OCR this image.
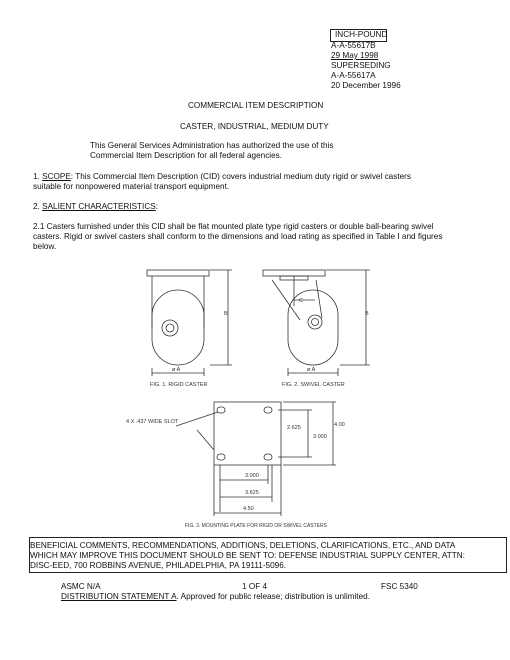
INCH-POUND
A-A-55617B
29 May 1998
SUPERSEDING
A-A-55617A
20 December 1996
COMMERCIAL ITEM DESCRIPTION
CASTER, INDUSTRIAL, MEDIUM DUTY
This General Services Administration has authorized the use of this
Commercial Item Description for all federal agencies.
1. SCOPE: This Commercial Item Description (CID) covers industrial medium duty rigid or swivel casters
suitable for nonpowered material transport equipment.
2. SALIENT CHARACTERISTICS:
2.1 Casters furnished under this CID shall be flat mounted plate type rigid casters or double ball-bearing swivel
casters. Rigid or swivel casters shall conform to the dimensions and load rating as specified in Table I and figures
below.
B
ø A
FIG. 1. RIGID CASTER
C
B
ø A
FIG. 2. SWIVEL CASTER
4 X .437 WIDE SLOT
2.625
3.000
4.00
3.000
3.625
4.50
FIG. 3. MOUNTING PLATE FOR RIGID OR SWIVEL CASTERS
BENEFICIAL COMMENTS, RECOMMENDATIONS, ADDITIONS, DELETIONS, CLARIFICATIONS, ETC., AND DATA
WHICH MAY IMPROVE THIS DOCUMENT SHOULD BE SENT TO: DEFENSE INDUSTRIAL SUPPLY CENTER, ATTN:
DISC-EED, 700 ROBBINS AVENUE, PHILADELPHIA, PA 19111-5096.
ASMC N/A	1 OF 4	FSC 5340
DISTRIBUTION STATEMENT A. Approved for public release; distribution is unlimited.
